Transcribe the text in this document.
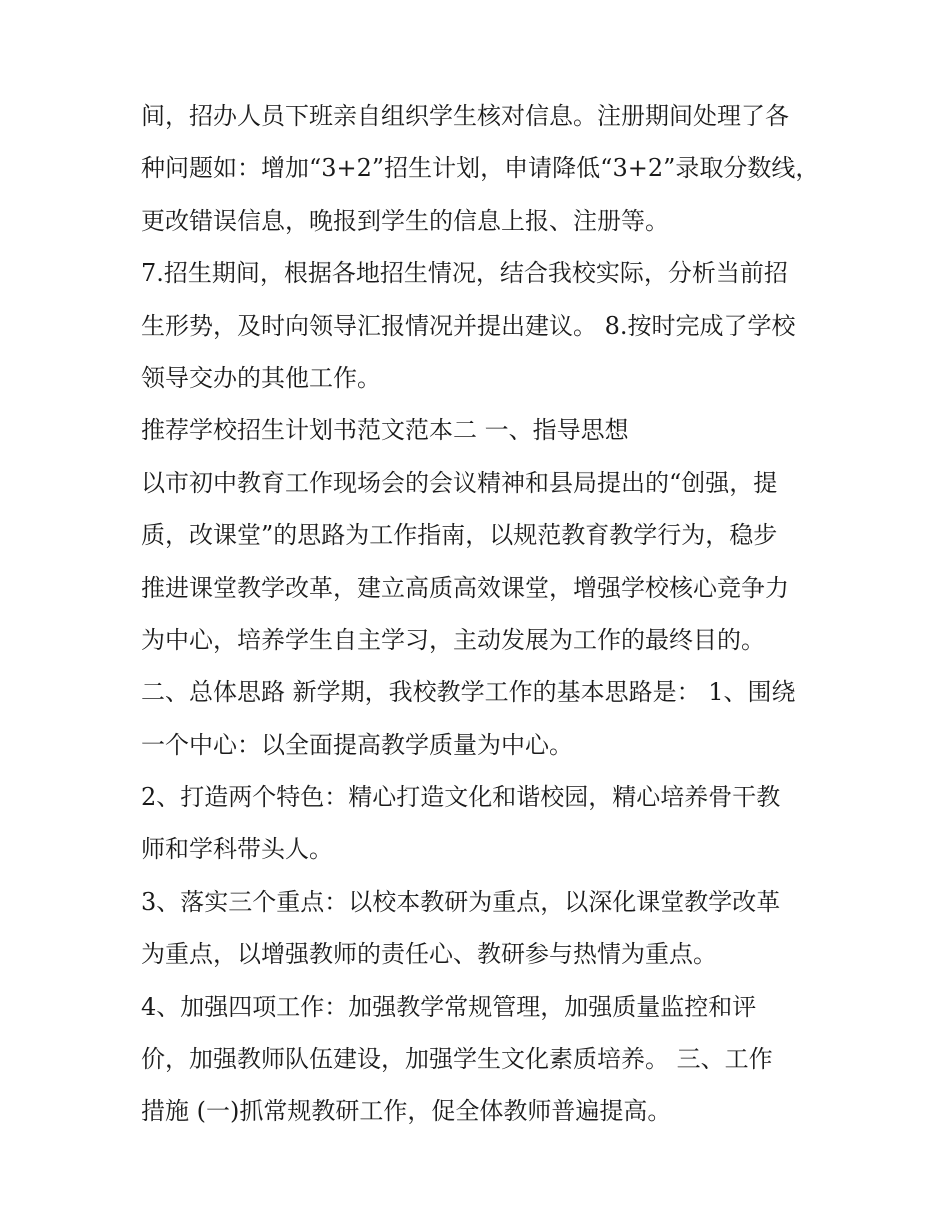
间，招办人员下班亲自组织学生核对信息。注册期间处理了各
种问题如：增加“3+2”招生计划，申请降低“3+2”录取分数线，
更改错误信息，晚报到学生的信息上报、注册等。
7.招生期间，根据各地招生情况，结合我校实际，分析当前招
生形势，及时向领导汇报情况并提出建议。 8.按时完成了学校
领导交办的其他工作。
推荐学校招生计划书范文范本二 一、指导思想
以市初中教育工作现场会的会议精神和县局提出的“创强，提
质，改课堂”的思路为工作指南，以规范教育教学行为，稳步
推进课堂教学改革，建立高质高效课堂，增强学校核心竞争力
为中心，培养学生自主学习，主动发展为工作的最终目的。
二、总体思路 新学期，我校教学工作的基本思路是： 1、围绕
一个中心：以全面提高教学质量为中心。
2、打造两个特色：精心打造文化和谐校园，精心培养骨干教
师和学科带头人。
3、落实三个重点：以校本教研为重点，以深化课堂教学改革
为重点，以增强教师的责任心、教研参与热情为重点。
4、加强四项工作：加强教学常规管理，加强质量监控和评
价，加强教师队伍建设，加强学生文化素质培养。 三、工作
措施 (一)抓常规教研工作，促全体教师普遍提高。
